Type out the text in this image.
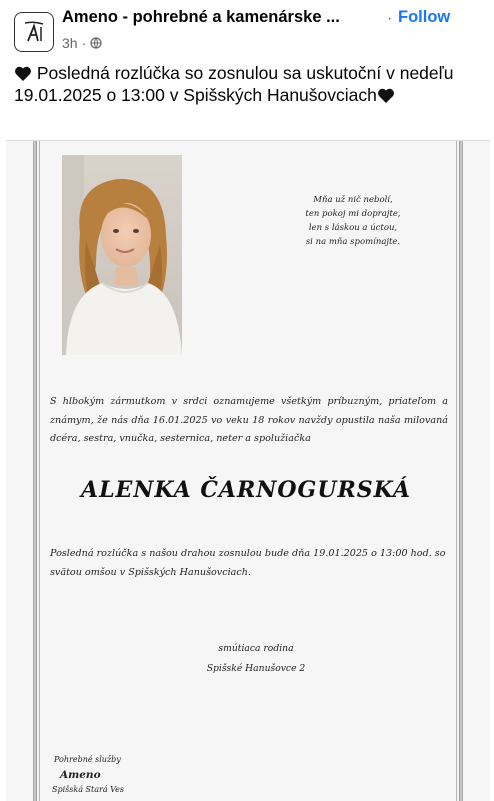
Ameno - pohrebné a kamenárske ...	· Follow
3h ·
Posledná rozlúčka so zosnulou sa uskutoční v nedeľu 19.01.2025 o 13:00 v Spišských Hanušovciach
Mňa už nič nebolí,
ten pokoj mi doprajte,
len s láskou a úctou,
si na mňa spomínajte.
S hlbokým zármutkom v srdci oznamujeme všetkým príbuzným, priateľom a známym, že nás dňa 16.01.2025 vo veku 18 rokov navždy opustila naša milovaná dcéra, sestra, vnučka, sesternica, neter a spolužiačka
ALENKA ČARNOGURSKÁ
Posledná rozlúčka s našou drahou zosnulou bude dňa 19.01.2025 o 13:00 hod. so svätou omšou v Spišských Hanušovciach.
smútiaca rodina
Spišské Hanušovce 2
Pohrebné služby
Ameno
Spišská Stará Ves
